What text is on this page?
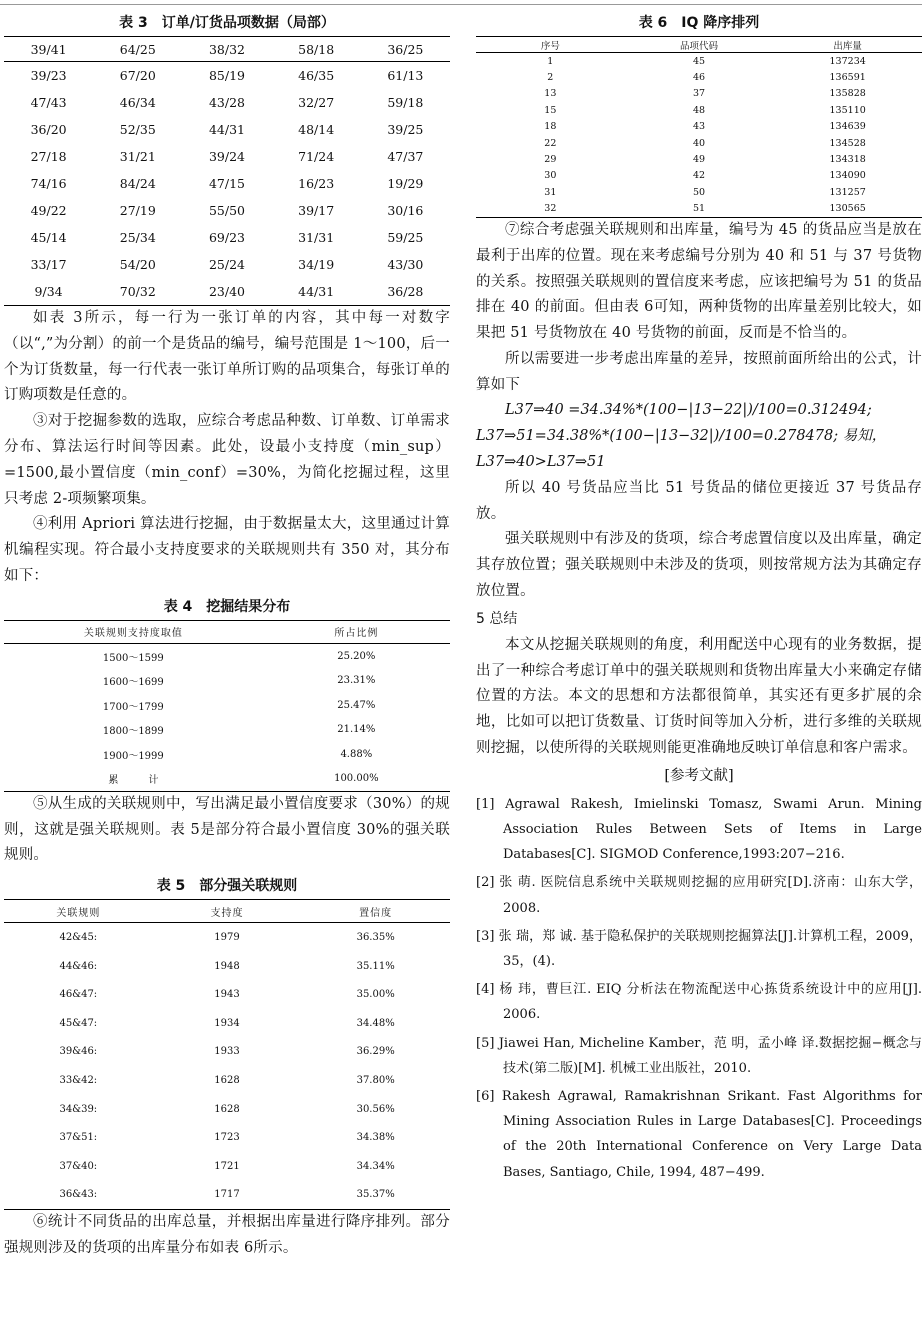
表 3　订单/订货品项数据（局部）
39/41	64/25	38/32	58/18	36/25
39/23	67/20	85/19	46/35	61/13
47/43	46/34	43/28	32/27	59/18
36/20	52/35	44/31	48/14	39/25
27/18	31/21	39/24	71/24	47/37
74/16	84/24	47/15	16/23	19/29
49/22	27/19	55/50	39/17	30/16
45/14	25/34	69/23	31/31	59/25
33/17	54/20	25/24	34/19	43/30
9/34	70/32	23/40	44/31	36/28

如表 3所示，每一行为一张订单的内容，其中每一对数字（以“,”为分割）的前一个是货品的编号，编号范围是 1～100，后一个为订货数量，每一行代表一张订单所订购的品项集合，每张订单的订购项数是任意的。

③对于挖掘参数的选取，应综合考虑品种数、订单数、订单需求分布、算法运行时间等因素。此处，设最小支持度（min_sup）=1500,最小置信度（min_conf）=30%，为简化挖掘过程，这里只考虑 2-项频繁项集。

④利用 Apriori 算法进行挖掘，由于数据量太大，这里通过计算机编程实现。符合最小支持度要求的关联规则共有 350 对，其分布如下：

表 4　挖掘结果分布
关联规则支持度取值	所占比例
1500～1599	25.20%
1600～1699	23.31%
1700～1799	25.47%
1800～1899	21.14%
1900～1999	4.88%
累　　　计	100.00%

⑤从生成的关联规则中，写出满足最小置信度要求（30%）的规则，这就是强关联规则。表 5是部分符合最小置信度 30%的强关联规则。

表 5　部分强关联规则
关联规则	支持度	置信度
42&45:	1979	36.35%
44&46:	1948	35.11%
46&47:	1943	35.00%
45&47:	1934	34.48%
39&46:	1933	36.29%
33&42:	1628	37.80%
34&39:	1628	30.56%
37&51:	1723	34.38%
37&40:	1721	34.34%
36&43:	1717	35.37%

⑥统计不同货品的出库总量，并根据出库量进行降序排列。部分强规则涉及的货项的出库量分布如表 6所示。

表 6　IQ 降序排列
序号	品项代码	出库量
1	45	137234
2	46	136591
13	37	135828
15	48	135110
18	43	134639
22	40	134528
29	49	134318
30	42	134090
31	50	131257
32	51	130565

⑦综合考虑强关联规则和出库量，编号为 45 的货品应当是放在最利于出库的位置。现在来考虑编号分别为 40 和 51 与 37 号货物的关系。按照强关联规则的置信度来考虑，应该把编号为 51 的货品排在 40 的前面。但由表 6可知，两种货物的出库量差别比较大，如果把 51 号货物放在 40 号货物的前面，反而是不恰当的。

所以需要进一步考虑出库量的差异，按照前面所给出的公式，计算如下

L37⇒40 =34.34%*(100−|13−22|)/100=0.312494;

L37⇒51=34.38%*(100−|13−32|)/100=0.278478; 易知，

L37⇒40>L37⇒51

所以 40 号货品应当比 51 号货品的储位更接近 37 号货品存放。

强关联规则中有涉及的货项，综合考虑置信度以及出库量，确定其存放位置；强关联规则中未涉及的货项，则按常规方法为其确定存放位置。

5 总结

本文从挖掘关联规则的角度，利用配送中心现有的业务数据，提出了一种综合考虑订单中的强关联规则和货物出库量大小来确定存储位置的方法。本文的思想和方法都很简单，其实还有更多扩展的余地，比如可以把订货数量、订货时间等加入分析，进行多维的关联规则挖掘，以使所得的关联规则能更准确地反映订单信息和客户需求。

[参考文献]
[1] Agrawal Rakesh, Imielinski Tomasz, Swami Arun. Mining Association Rules Between Sets of Items in Large Databases[C]. SIGMOD Conference,1993:207−216.
[2] 张 萌. 医院信息系统中关联规则挖掘的应用研究[D].济南：山东大学，2008.
[3] 张 瑞，郑 诚. 基于隐私保护的关联规则挖掘算法[J].计算机工程，2009，35，(4).
[4] 杨 玮，曹巨江. EIQ 分析法在物流配送中心拣货系统设计中的应用[J]. 2006.
[5] Jiawei Han, Micheline Kamber，范 明，孟小峰 译.数据挖掘−概念与技术(第二版)[M]. 机械工业出版社，2010.
[6] Rakesh Agrawal, Ramakrishnan Srikant. Fast Algorithms for Mining Association Rules in Large Databases[C]. Proceedings of the 20th International Conference on Very Large Data Bases, Santiago, Chile, 1994, 487−499.
